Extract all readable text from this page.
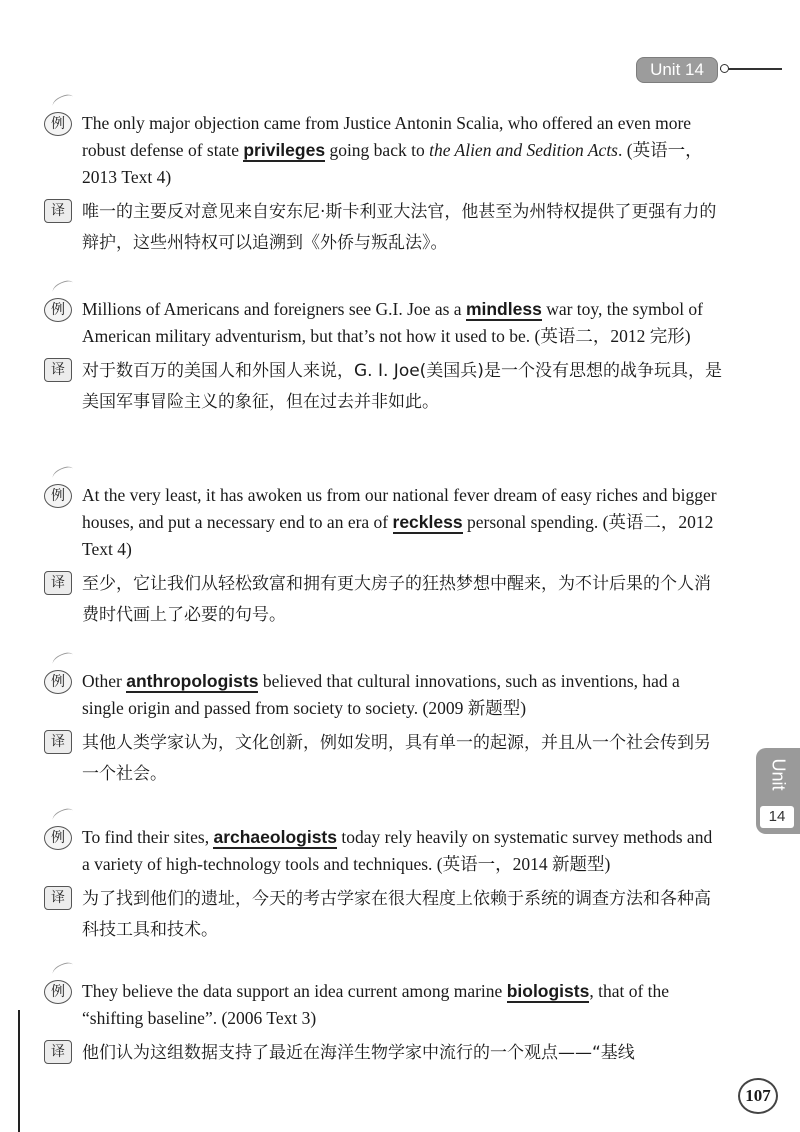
Unit 14
Unit
14
例 The only major objection came from Justice Antonin Scalia, who offered an even more robust defense of state privileges going back to the Alien and Sedition Acts. (英语一，2013 Text 4)
译	唯一的主要反对意见来自安东尼·斯卡利亚大法官，他甚至为州特权提供了更强有力的辩护，这些州特权可以追溯到《外侨与叛乱法》。
例 Millions of Americans and foreigners see G.I. Joe as a mindless war toy, the symbol of American military adventurism, but that’s not how it used to be. (英语二，2012 完形)
译	对于数百万的美国人和外国人来说，G. I. Joe(美国兵)是一个没有思想的战争玩具，是美国军事冒险主义的象征，但在过去并非如此。
例 At the very least, it has awoken us from our national fever dream of easy riches and bigger houses, and put a necessary end to an era of reckless personal spending. (英语二，2012 Text 4)
译	至少，它让我们从轻松致富和拥有更大房子的狂热梦想中醒来，为不计后果的个人消费时代画上了必要的句号。
例 Other anthropologists believed that cultural innovations, such as inventions, had a single origin and passed from society to society. (2009 新题型)
译	其他人类学家认为，文化创新，例如发明，具有单一的起源，并且从一个社会传到另一个社会。
例 To find their sites, archaeologists today rely heavily on systematic survey methods and a variety of high-technology tools and techniques. (英语一，2014 新题型)
译	为了找到他们的遗址，今天的考古学家在很大程度上依赖于系统的调查方法和各种高科技工具和技术。
例 They believe the data support an idea current among marine biologists, that of the “shifting baseline”. (2006 Text 3)
译	他们认为这组数据支持了最近在海洋生物学家中流行的一个观点——“基线
107
